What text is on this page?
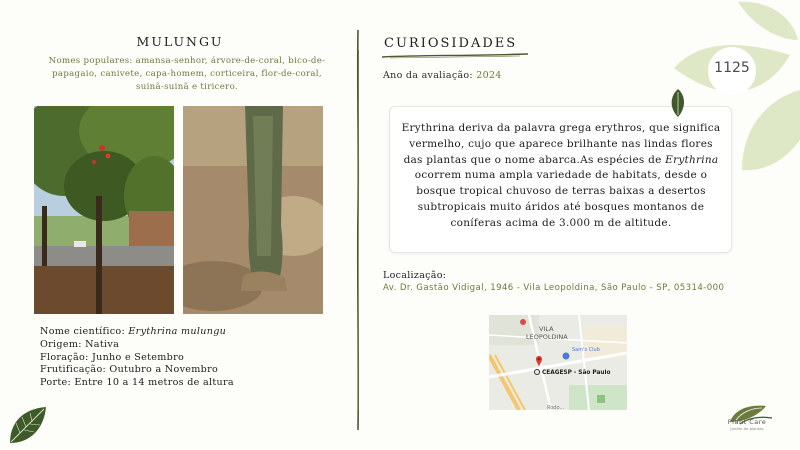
MULUNGU
Nomes populares: amansa-senhor, árvore-de-coral, bico-de-papagaio, canivete, capa-homem, corticeira, flor-de-coral, suinã-suinã e tiricero.
Nome científico: Erythrina mulungu
Origem: Nativa
Floração: Junho e Setembro
Frutificação: Outubro a Novembro
Porte: Entre 10 a 14 metros de altura
CURIOSIDADES
Ano da avaliação: 2024
Erythrina deriva da palavra grega erythros, que significa vermelho, cujo que aparece brilhante nas lindas flores das plantas que o nome abarca.As espécies de Erythrina ocorrem numa ampla variedade de habitats, desde o bosque tropical chuvoso de terras baixas a desertos subtropicais muito áridos até bosques montanos de coníferas acima de 3.000 m de altitude.
Localização:
Av. Dr. Gastão Vidigal, 1946 - Vila Leopoldina, São Paulo - SP, 05314-000
VILA
LEOPOLDINA
Sam's Club
CEAGESP - São Paulo
Rodo...
1125
Plant Care
jardim de plantas
